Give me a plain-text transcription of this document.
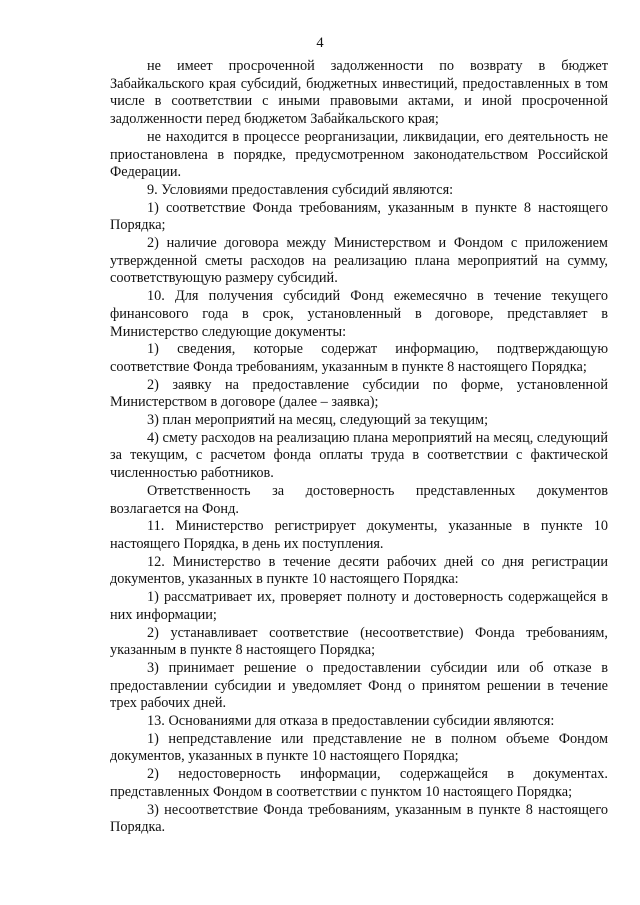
4

не имеет просроченной задолженности по возврату в бюджет Забайкальского края субсидий, бюджетных инвестиций, предоставленных в том числе в соответствии с иными правовыми актами, и иной просроченной задолженности перед бюджетом Забайкальского края;

не находится в процессе реорганизации, ликвидации, его деятельность не приостановлена в порядке, предусмотренном законодательством Российской Федерации.

9. Условиями предоставления субсидий являются:

1) соответствие Фонда требованиям, указанным в пункте 8 настоящего Порядка;

2) наличие договора между Министерством и Фондом с приложением утвержденной сметы расходов на реализацию плана мероприятий на сумму, соответствующую размеру субсидий.

10. Для получения субсидий Фонд ежемесячно в течение текущего финансового года в срок, установленный в договоре, представляет в Министерство следующие документы:

1) сведения, которые содержат информацию, подтверждающую соответствие Фонда требованиям, указанным в пункте 8 настоящего Порядка;

2) заявку на предоставление субсидии по форме, установленной Министерством в договоре (далее – заявка);

3) план мероприятий на месяц, следующий за текущим;

4) смету расходов на реализацию плана мероприятий на месяц, следующий за текущим, с расчетом фонда оплаты труда в соответствии с фактической численностью работников.

Ответственность за достоверность представленных документов возлагается на Фонд.

11. Министерство регистрирует документы, указанные в пункте 10 настоящего Порядка, в день их поступления.

12. Министерство в течение десяти рабочих дней со дня регистрации документов, указанных в пункте 10 настоящего Порядка:

1) рассматривает их, проверяет полноту и достоверность содержащейся в них информации;

2) устанавливает соответствие (несоответствие) Фонда требованиям, указанным в пункте 8 настоящего Порядка;

3) принимает решение о предоставлении субсидии или об отказе в предоставлении субсидии и уведомляет Фонд о принятом решении в течение трех рабочих дней.

13. Основаниями для отказа в предоставлении субсидии являются:

1) непредставление или представление не в полном объеме Фондом документов, указанных в пункте 10 настоящего Порядка;

2) недостоверность информации, содержащейся в документах. представленных Фондом в соответствии с пунктом 10 настоящего Порядка;

3) несоответствие Фонда требованиям, указанным в пункте 8 настоящего Порядка.
